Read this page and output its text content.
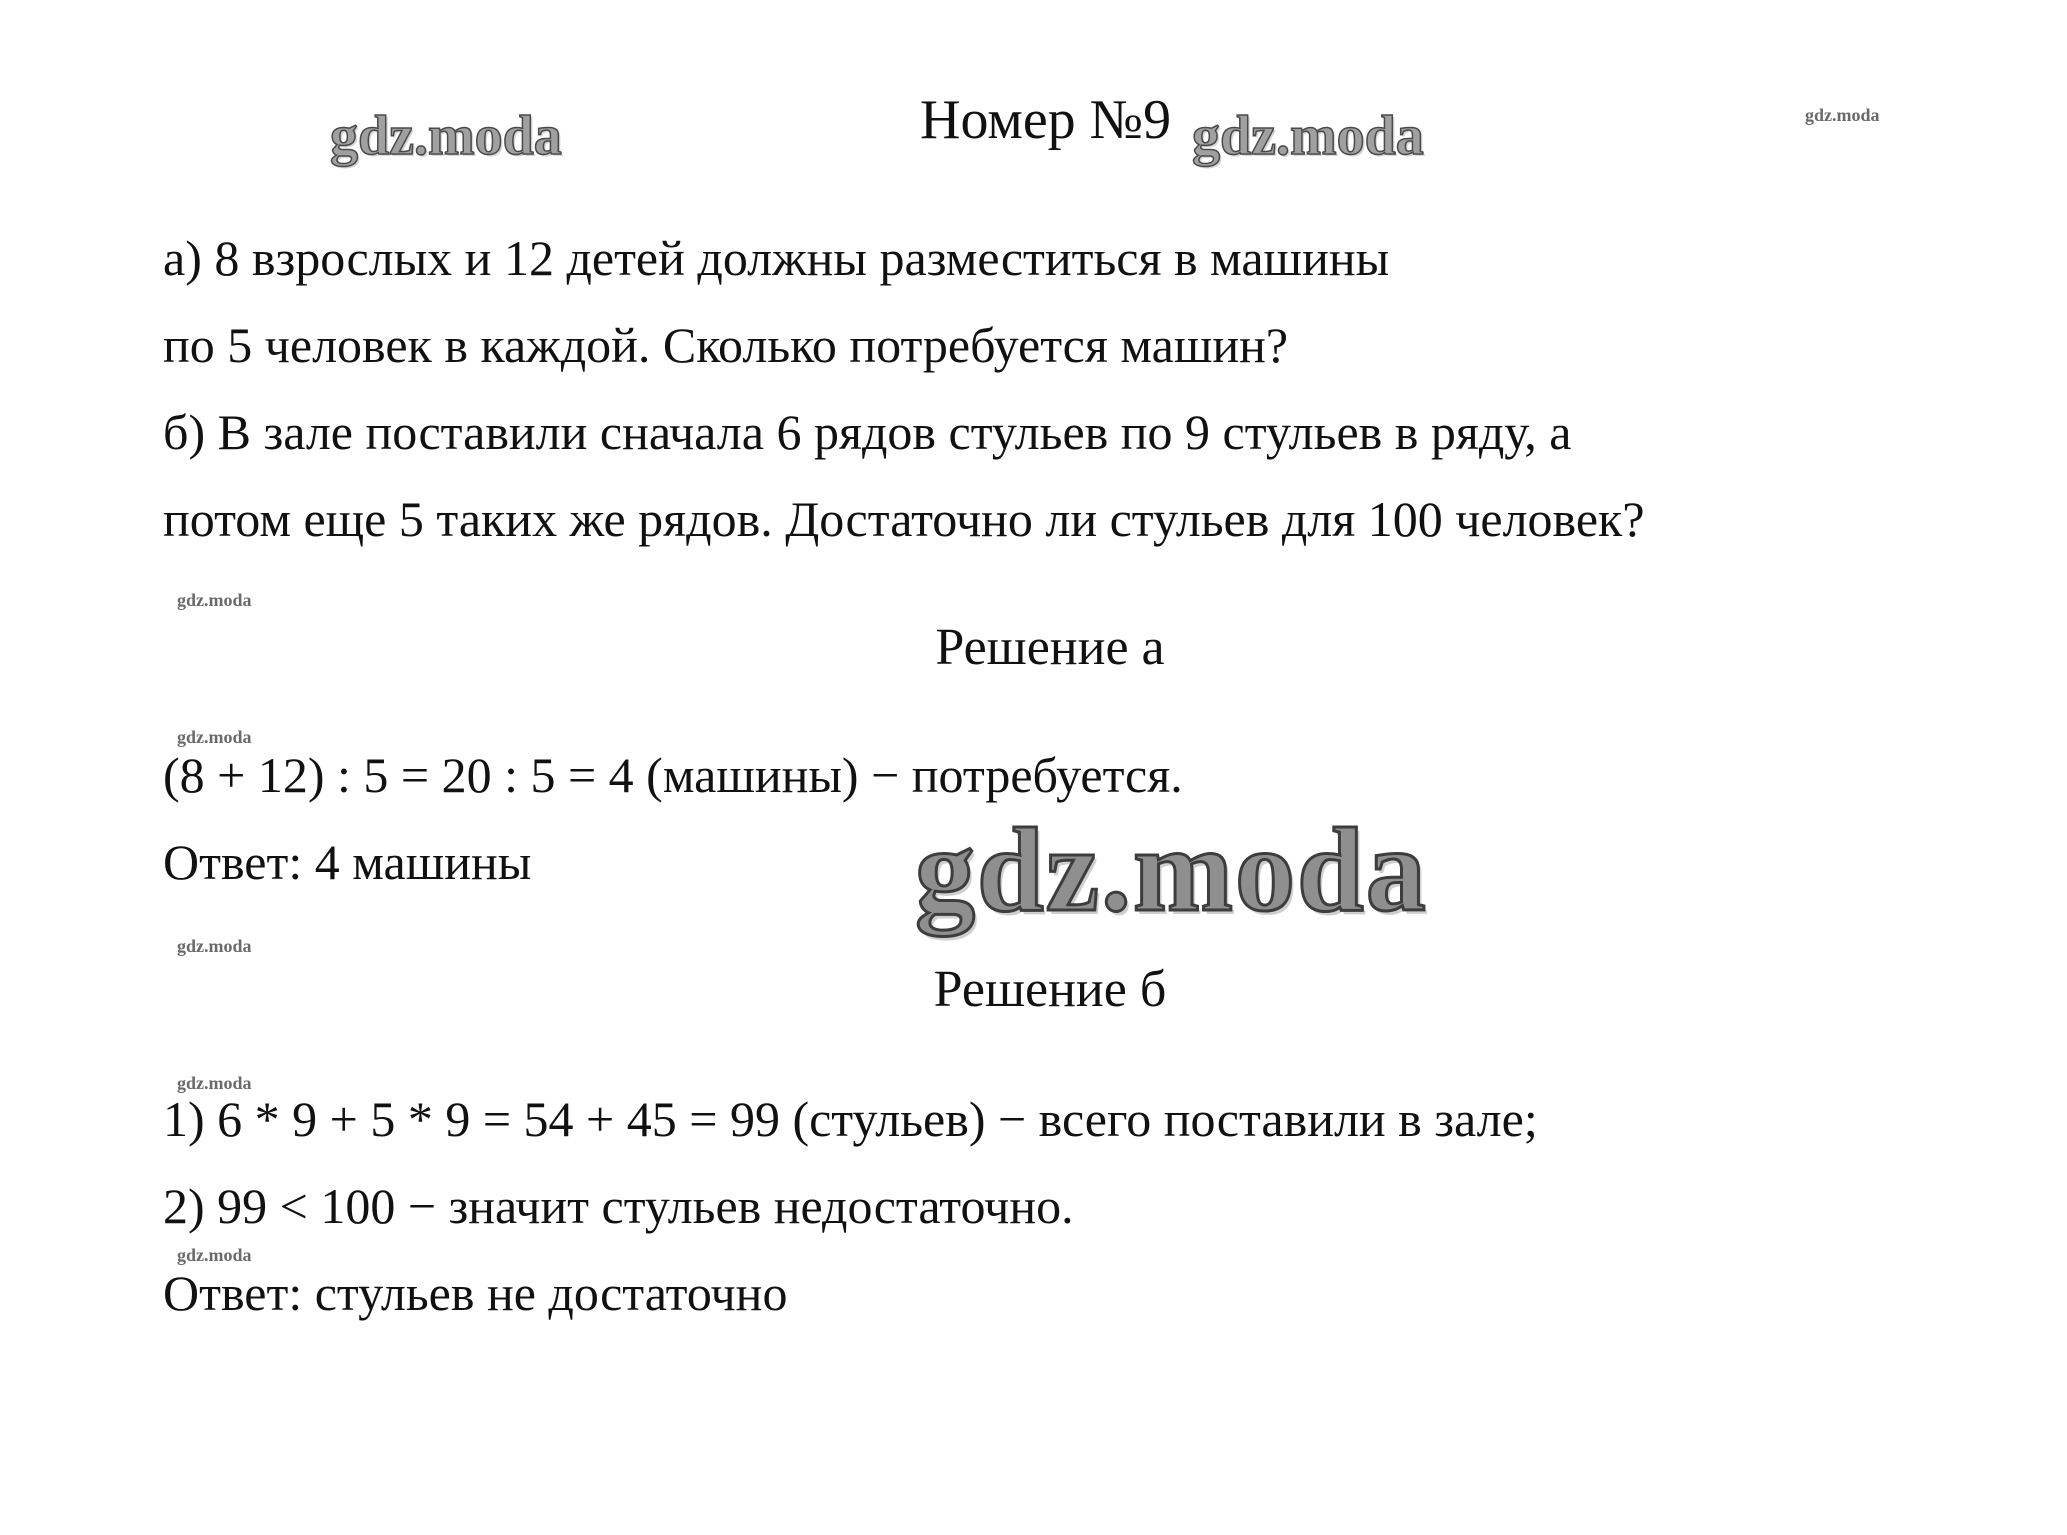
gdz.moda	gdz.moda	gdz.moda
gdz.moda
gdz.moda
gdz.moda
gdz.moda
gdz.moda
gdz.moda
Номер №9
а) 8 взрослых и 12 детей должны разместиться в машины
по 5 человек в каждой. Сколько потребуется машин?
б) В зале поставили сначала 6 рядов стульев по 9 стульев в ряду, а
потом еще 5 таких же рядов. Достаточно ли стульев для 100 человек?
Решение а
(8 + 12) : 5 = 20 : 5 = 4 (машины) − потребуется.
Ответ: 4 машины
Решение б
1) 6 * 9 + 5 * 9 = 54 + 45 = 99 (стульев) − всего поставили в зале;
2) 99 < 100 − значит стульев недостаточно.
Ответ: стульев не достаточно
